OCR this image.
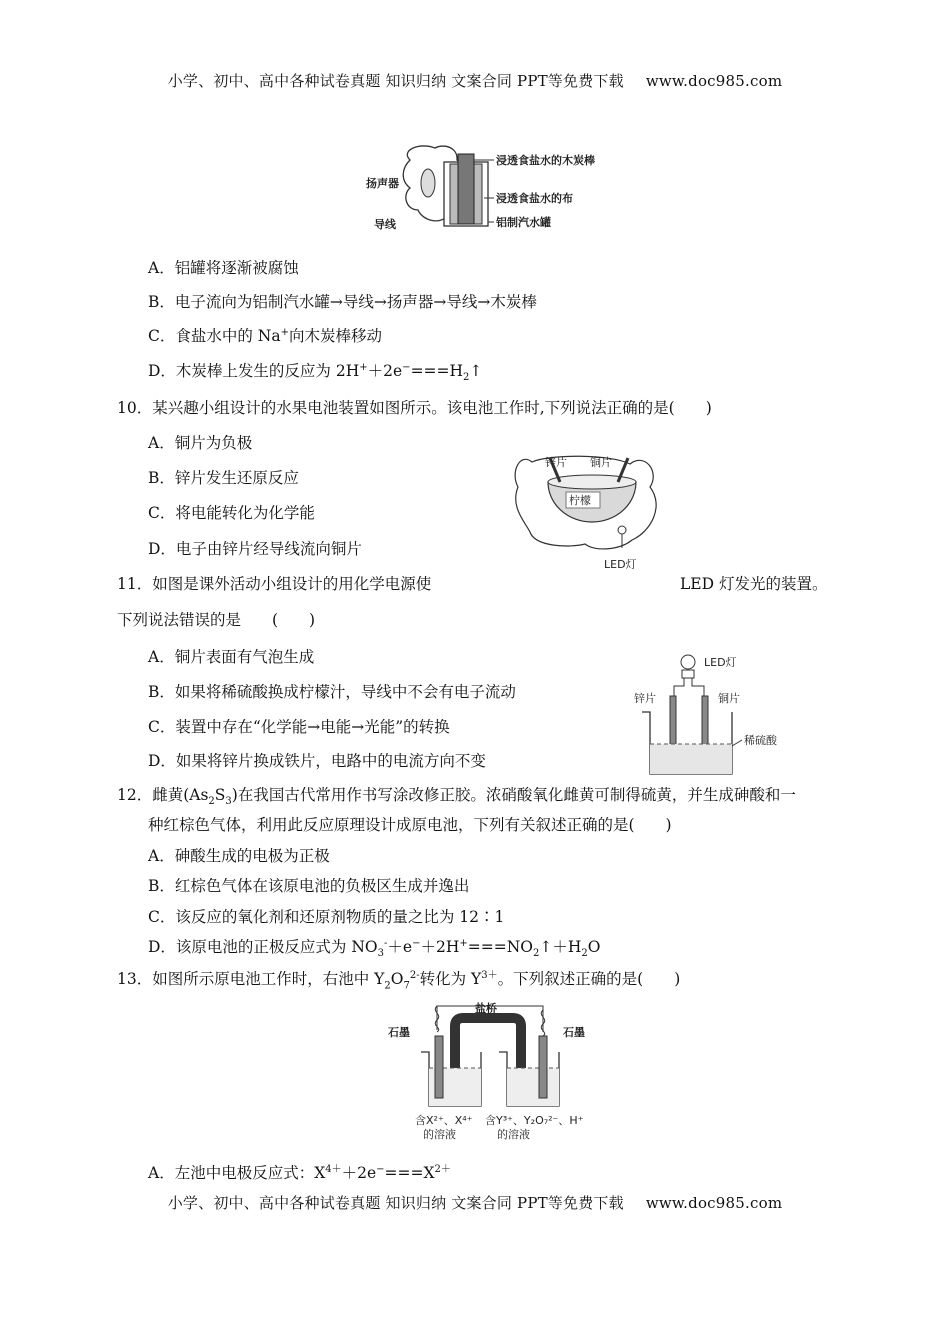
小学、初中、高中各种试卷真题 知识归纳 文案合同 PPT等免费下载 www.doc985.com
浸透食盐水的木炭棒
浸透食盐水的布
铝制汽水罐
扬声器
导线
A．铝罐将逐渐被腐蚀
B．电子流向为铝制汽水罐→导线→扬声器→导线→木炭棒
C．食盐水中的 Na+向木炭棒移动
D．木炭棒上发生的反应为 $2H^++2e^-===H_2↑$
10．某兴趣小组设计的水果电池装置如图所示。该电池工作时,下列说法正确的是(　　)
A．铜片为负极
B．锌片发生还原反应
C．将电能转化为化学能
D．电子由锌片经导线流向铜片
柠檬
锌片 铜片
LED灯
11．如图是课外活动小组设计的用化学电源使	LED 灯发光的装置。
下列说法错误的是　　(　　)
A．铜片表面有气泡生成
B．如果将稀硫酸换成柠檬汁，导线中不会有电子流动
C．装置中存在“化学能→电能→光能”的转换
D．如果将锌片换成铁片，电路中的电流方向不变
LED灯
锌片	铜片
稀硫酸
12．雌黄$(As_2S_3)$在我国古代常用作书写涂改修正胶。浓硝酸氧化雌黄可制得硫黄，并生成砷酸和一
种红棕色气体，利用此反应原理设计成原电池，下列有关叙述正确的是(　　)
A．砷酸生成的电极为正极
B．红棕色气体在该原电池的负极区生成并逸出
C．该反应的氧化剂和还原剂物质的量之比为 12∶1
D．该原电池的正极反应式为 $NO_3^-+e^-+2H^+===NO_2↑+H_2O$
13．如图所示原电池工作时，右池中 $Y_2O_7^{2-}$转化为 $Y^{3+}$。下列叙述正确的是(　　)
石墨	石墨
盐桥
含X²⁺、X⁴⁺
的溶液
含Y³⁺、Y₂O₇²⁻、H⁺
的溶液
A．左池中电极反应式：$X^{4+}+2e^-===X^{2+}$
小学、初中、高中各种试卷真题 知识归纳 文案合同 PPT等免费下载 www.doc985.com
